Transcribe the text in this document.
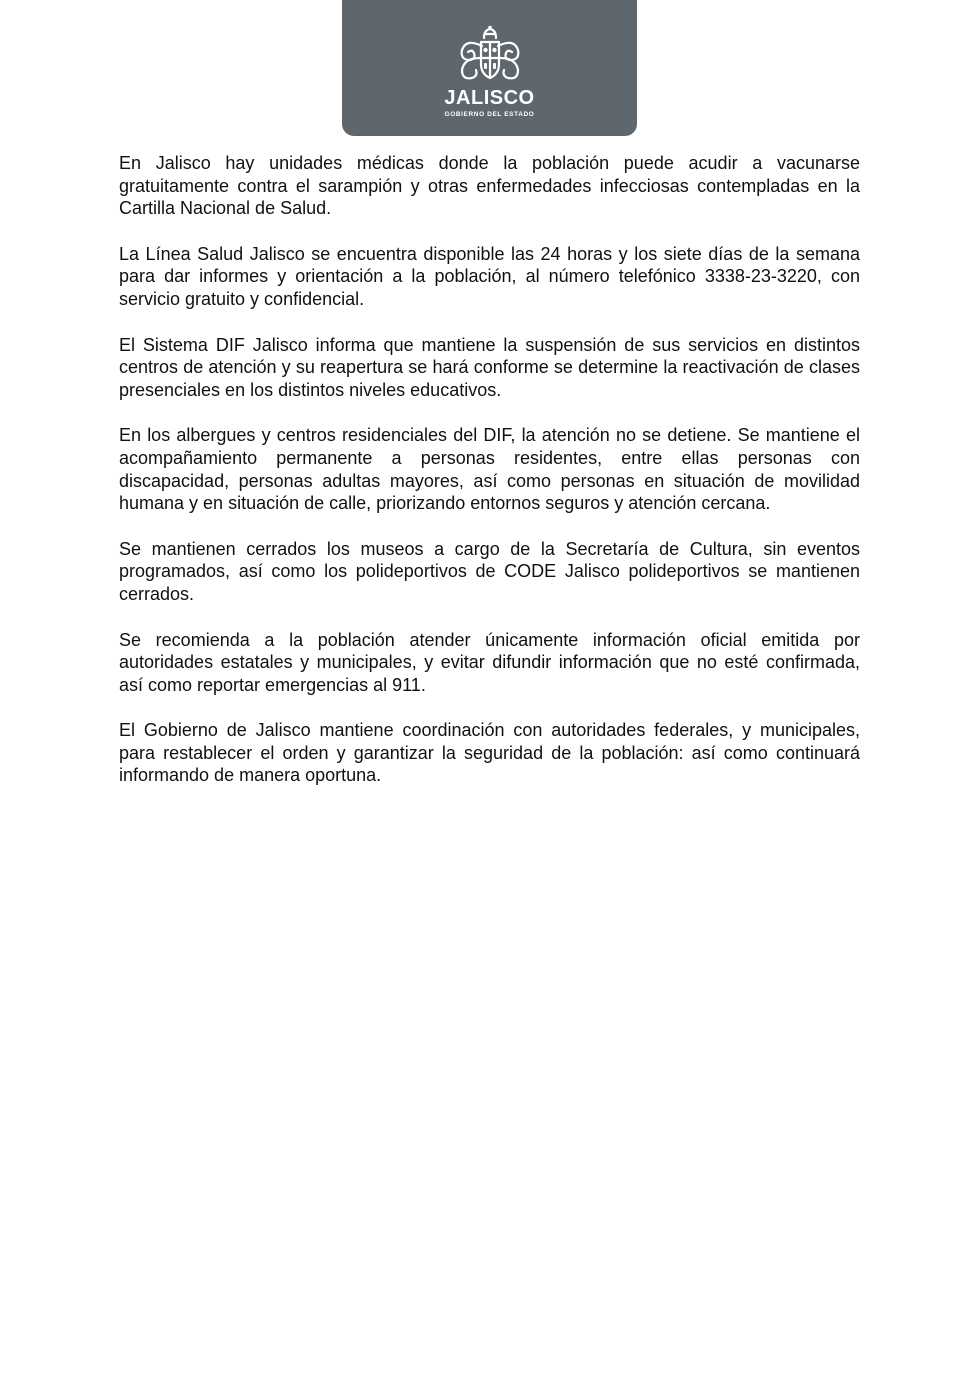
JALISCO
GOBIERNO DEL ESTADO

En Jalisco hay unidades médicas donde la población puede acudir a vacunarse gratuitamente contra el sarampión y otras enfermedades infecciosas contempladas en la Cartilla Nacional de Salud.

La Línea Salud Jalisco se encuentra disponible las 24 horas y los siete días de la semana para dar informes y orientación a la población, al número telefónico 3338-23-3220, con servicio gratuito y confidencial.

El Sistema DIF Jalisco informa que mantiene la suspensión de sus servicios en distintos centros de atención y su reapertura se hará conforme se determine la reactivación de clases presenciales en los distintos niveles educativos.

En los albergues y centros residenciales del DIF, la atención no se detiene. Se mantiene el acompañamiento permanente a personas residentes, entre ellas personas con discapacidad, personas adultas mayores, así como personas en situación de movilidad humana y en situación de calle, priorizando entornos seguros y atención cercana.

Se mantienen cerrados los museos a cargo de la Secretaría de Cultura, sin eventos programados, así como los polideportivos de CODE Jalisco polideportivos se mantienen cerrados.

Se recomienda a la población atender únicamente información oficial emitida por autoridades estatales y municipales, y evitar difundir información que no esté confirmada, así como reportar emergencias al 911.

El Gobierno de Jalisco mantiene coordinación con autoridades federales, y municipales, para restablecer el orden y garantizar la seguridad de la población: así como continuará informando de manera oportuna.
